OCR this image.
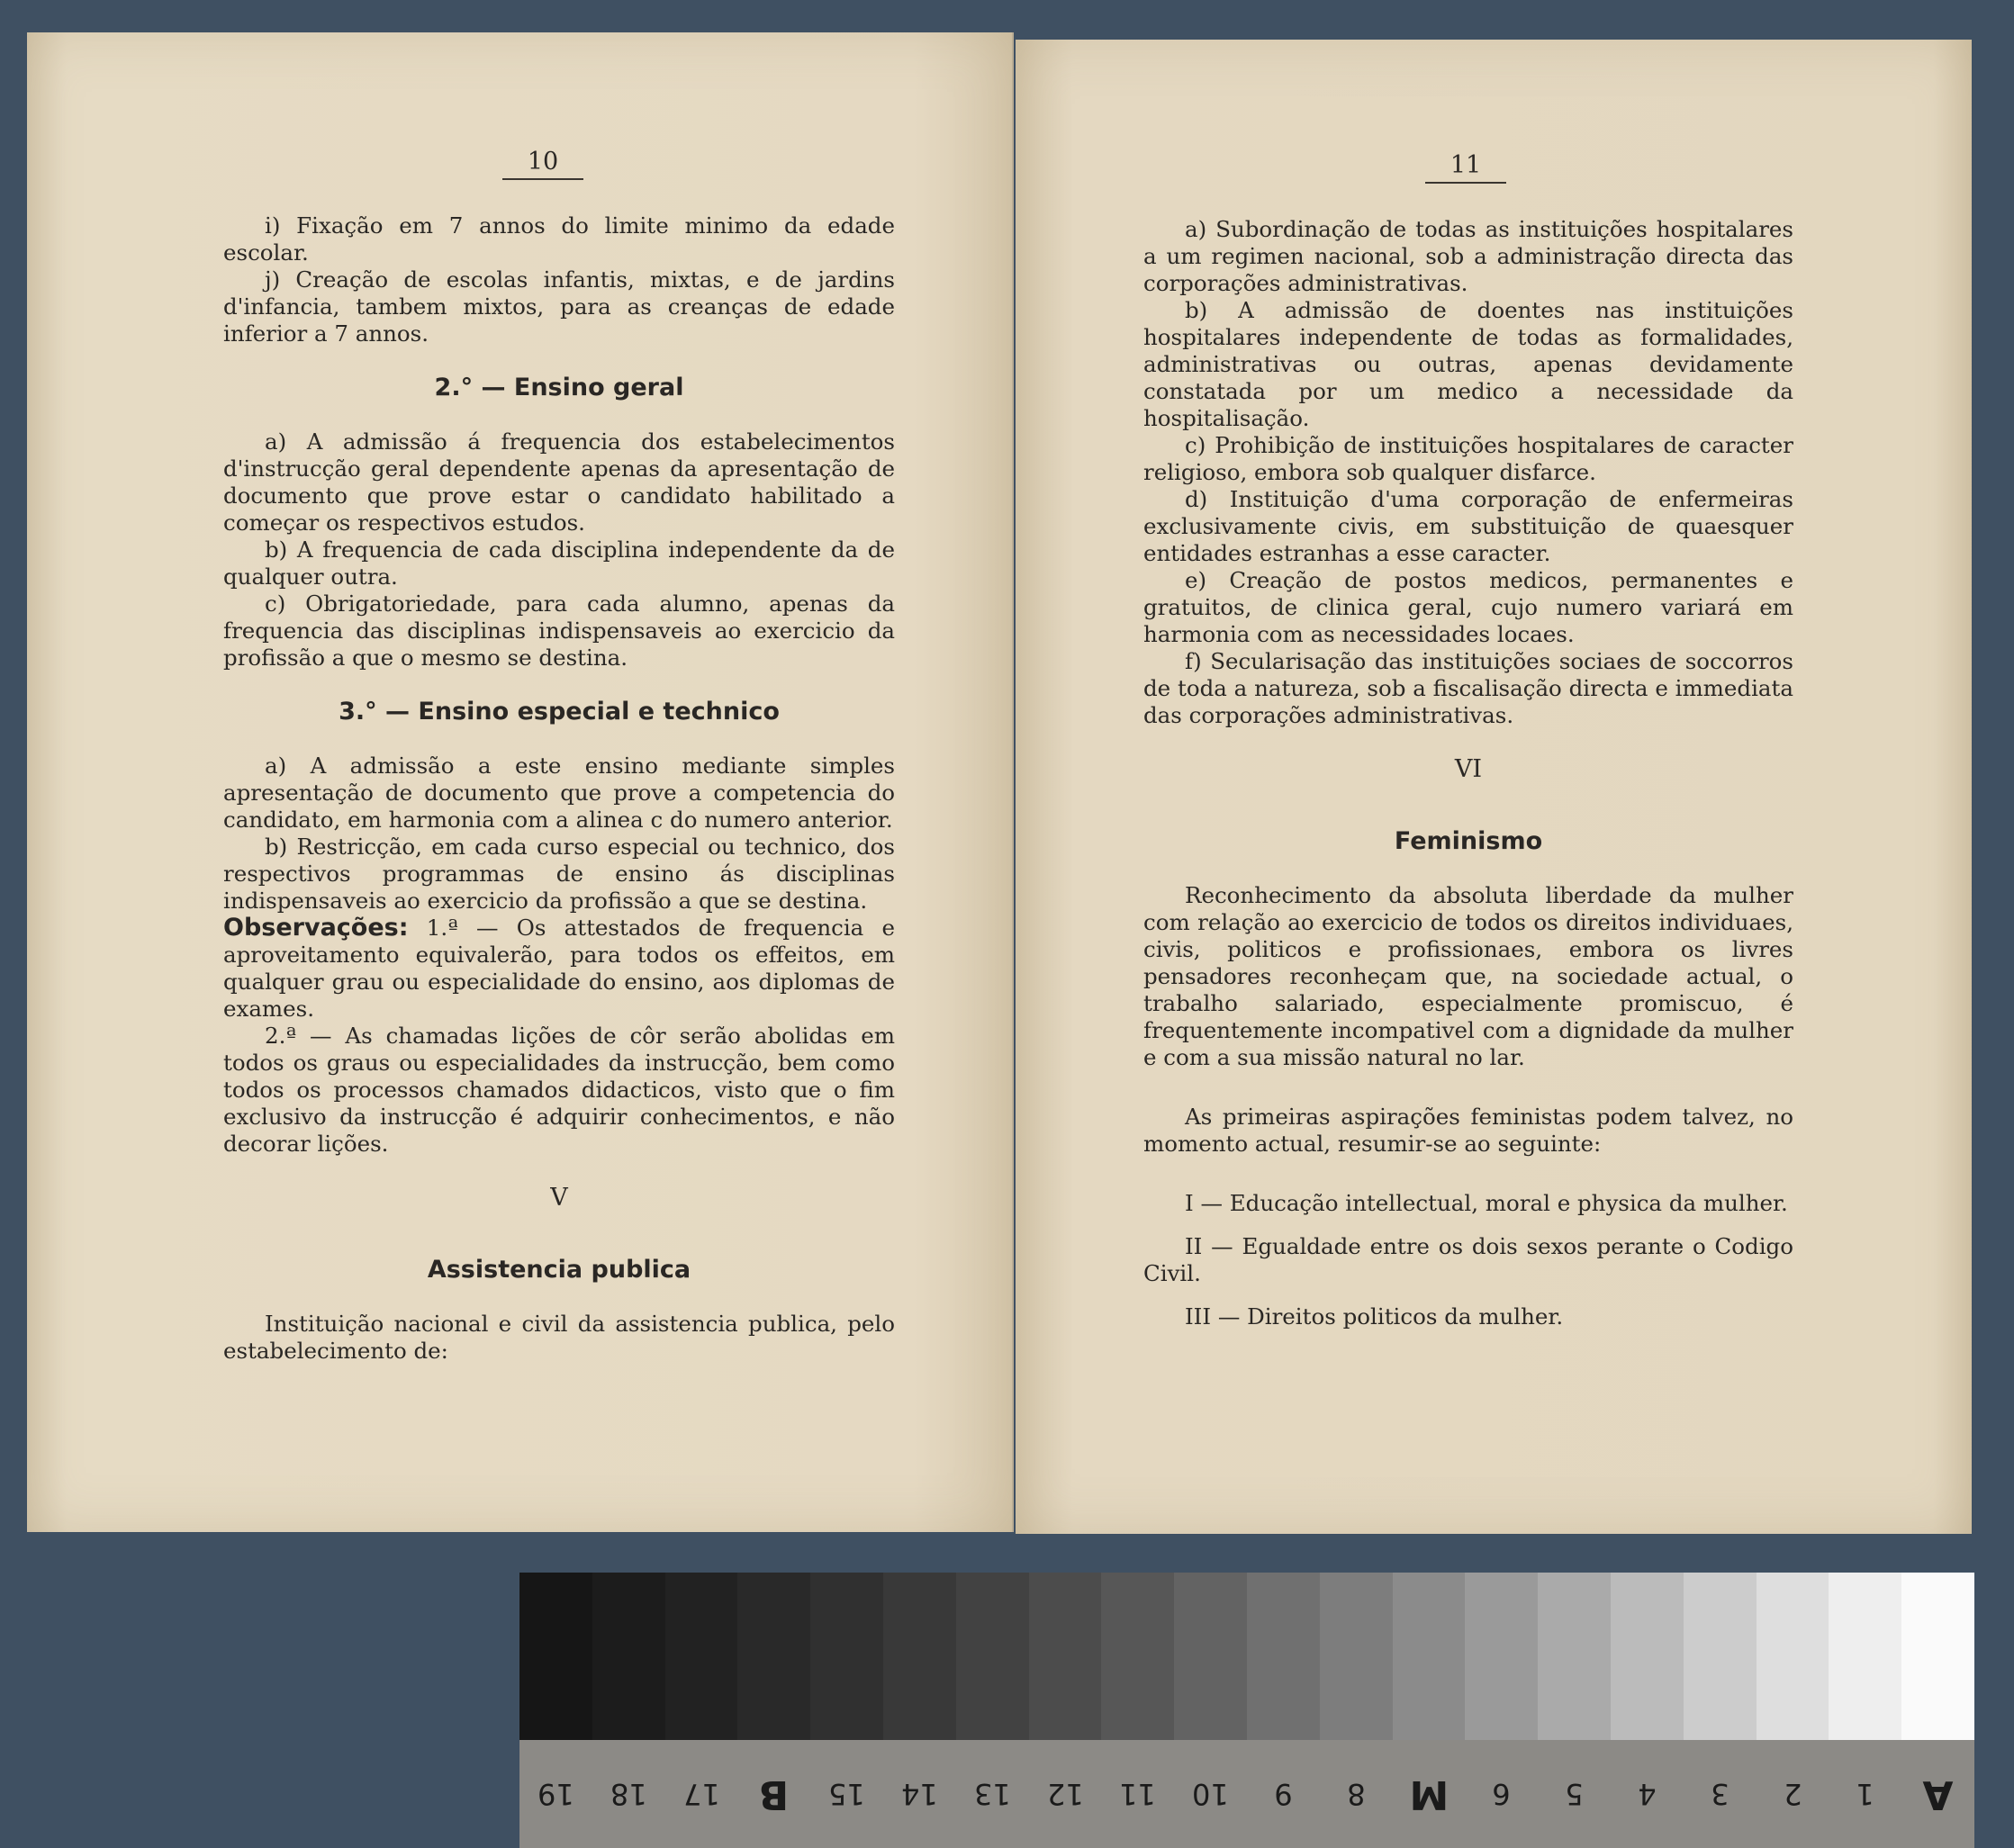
10

i) Fixação em 7 annos do limite minimo da edade escolar.

j) Creação de escolas infantis, mixtas, e de jardins d'infancia, tambem mixtos, para as creanças de edade inferior a 7 annos.

2.° — Ensino geral

a) A admissão á frequencia dos estabelecimentos d'instrucção geral dependente apenas da apresentação de documento que prove estar o candidato habilitado a começar os respectivos estudos.

b) A frequencia de cada disciplina independente da de qualquer outra.

c) Obrigatoriedade, para cada alumno, apenas da frequencia das disciplinas indispensaveis ao exercicio da profissão a que o mesmo se destina.

3.° — Ensino especial e technico

a) A admissão a este ensino mediante simples apresentação de documento que prove a competencia do candidato, em harmonia com a alinea c do numero anterior.

b) Restricção, em cada curso especial ou technico, dos respectivos programmas de ensino ás disciplinas indispensaveis ao exercicio da profissão a que se destina.

Observações: 1.ª — Os attestados de frequencia e aproveitamento equivalerão, para todos os effeitos, em qualquer grau ou especialidade do ensino, aos diplomas de exames.

2.ª — As chamadas lições de côr serão abolidas em todos os graus ou especialidades da instrucção, bem como todos os processos chamados didacticos, visto que o fim exclusivo da instrucção é adquirir conhecimentos, e não decorar lições.

V

Assistencia publica

Instituição nacional e civil da assistencia publica, pelo estabelecimento de:

11

a) Subordinação de todas as instituições hospitalares a um regimen nacional, sob a administração directa das corporações administrativas.

b) A admissão de doentes nas instituições hospitalares independente de todas as formalidades, administrativas ou outras, apenas devidamente constatada por um medico a necessidade da hospitalisação.

c) Prohibição de instituições hospitalares de caracter religioso, embora sob qualquer disfarce.

d) Instituição d'uma corporação de enfermeiras exclusivamente civis, em substituição de quaesquer entidades estranhas a esse caracter.

e) Creação de postos medicos, permanentes e gratuitos, de clinica geral, cujo numero variará em harmonia com as necessidades locaes.

f) Secularisação das instituições sociaes de soccorros de toda a natureza, sob a fiscalisação directa e immediata das corporações administrativas.

VI

Feminismo

Reconhecimento da absoluta liberdade da mulher com relação ao exercicio de todos os direitos individuaes, civis, politicos e profissionaes, embora os livres pensadores reconheçam que, na sociedade actual, o trabalho salariado, especialmente promiscuo, é frequentemente incompativel com a dignidade da mulher e com a sua missão natural no lar.

As primeiras aspirações feministas podem talvez, no momento actual, resumir-se ao seguinte:

I — Educação intellectual, moral e physica da mulher.

II — Egualdade entre os dois sexos perante o Codigo Civil.

III — Direitos politicos da mulher.

19	18	17 B	15	14	13	12	11	10	9	8	M	6	5	4	3	2	1	A
